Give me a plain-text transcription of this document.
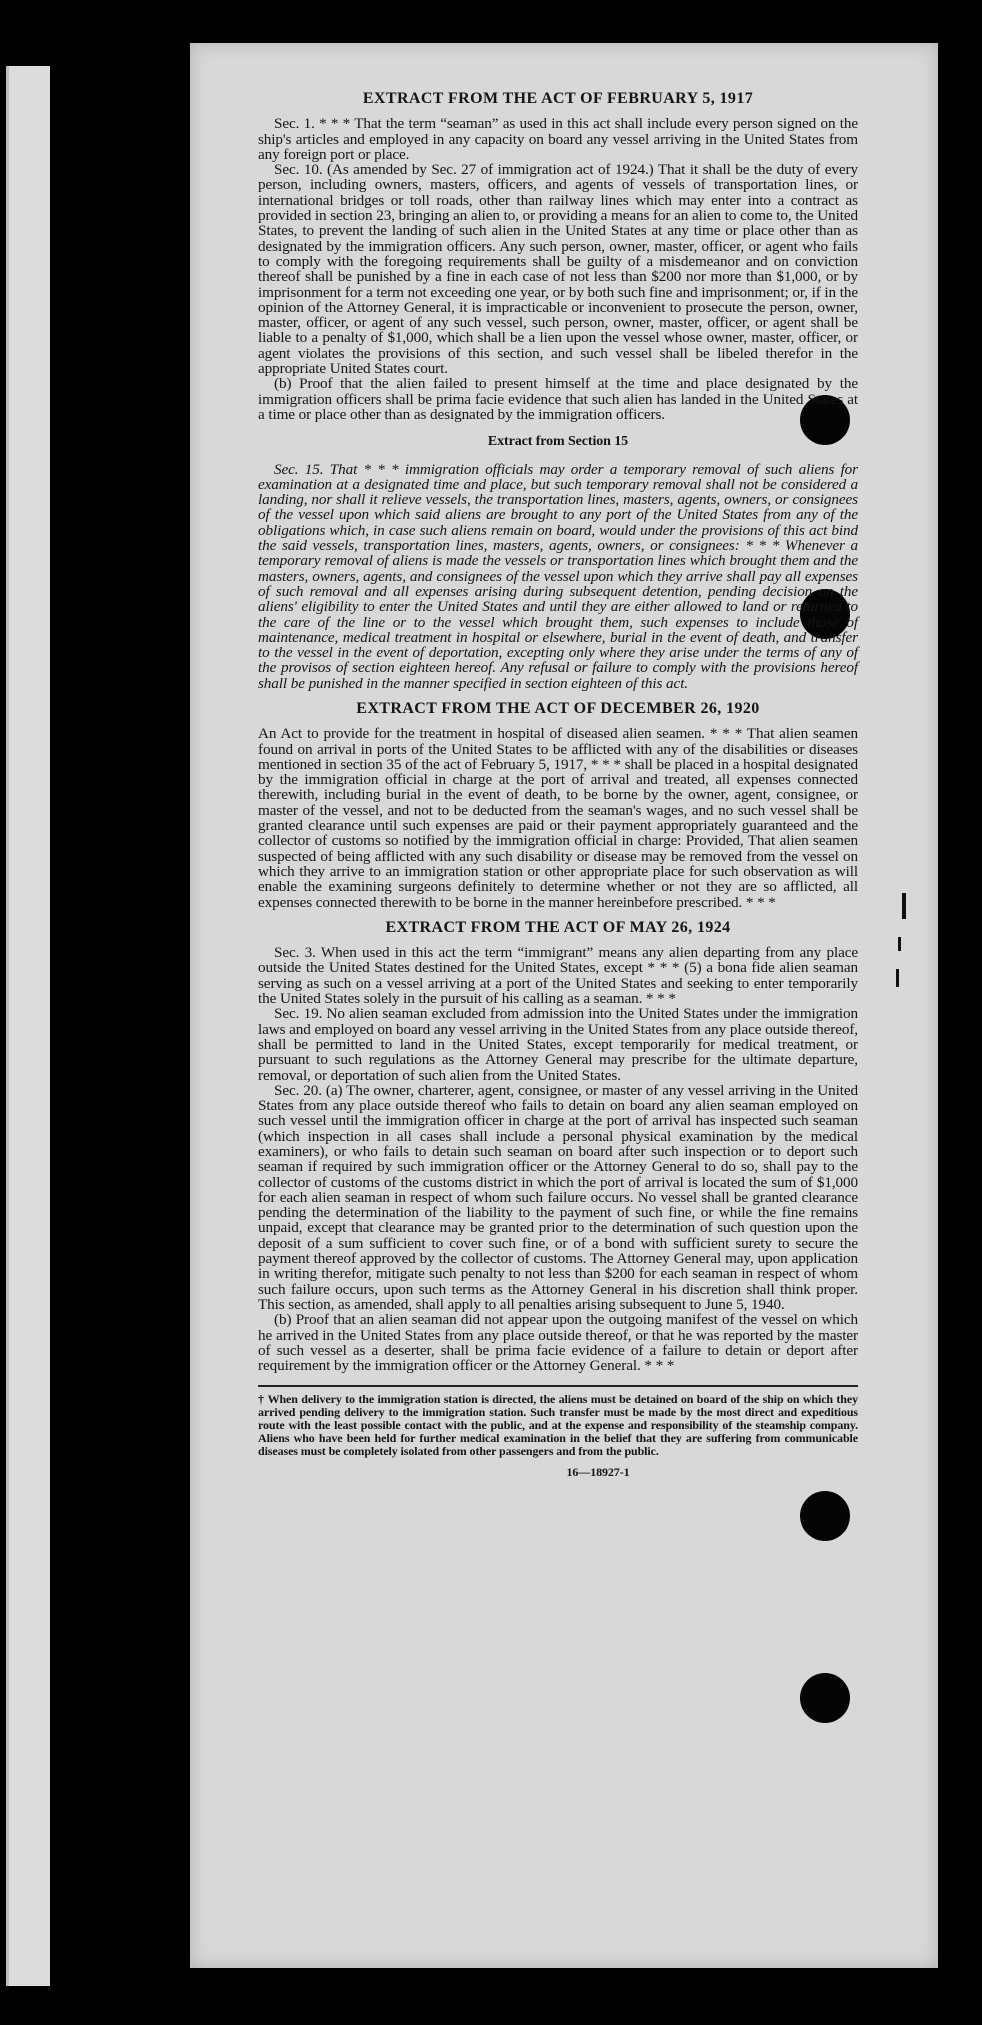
EXTRACT FROM THE ACT OF FEBRUARY 5, 1917

Sec. 1. * * * That the term “seaman” as used in this act shall include every person signed on the ship's articles and employed in any capacity on board any vessel arriving in the United States from any foreign port or place.

Sec. 10. (As amended by Sec. 27 of immigration act of 1924.) That it shall be the duty of every person, including owners, masters, officers, and agents of vessels of transportation lines, or international bridges or toll roads, other than railway lines which may enter into a contract as provided in section 23, bringing an alien to, or providing a means for an alien to come to, the United States, to prevent the landing of such alien in the United States at any time or place other than as designated by the immigration officers. Any such person, owner, master, officer, or agent who fails to comply with the foregoing requirements shall be guilty of a misdemeanor and on conviction thereof shall be punished by a fine in each case of not less than $200 nor more than $1,000, or by imprisonment for a term not exceeding one year, or by both such fine and imprisonment; or, if in the opinion of the Attorney General, it is impracticable or inconvenient to prosecute the person, owner, master, officer, or agent of any such vessel, such person, owner, master, officer, or agent shall be liable to a penalty of $1,000, which shall be a lien upon the vessel whose owner, master, officer, or agent violates the provisions of this section, and such vessel shall be libeled therefor in the appropriate United States court.

(b) Proof that the alien failed to present himself at the time and place designated by the immigration officers shall be prima facie evidence that such alien has landed in the United States at a time or place other than as designated by the immigration officers.

Extract from Section 15

Sec. 15. That * * * immigration officials may order a temporary removal of such aliens for examination at a designated time and place, but such temporary removal shall not be considered a landing, nor shall it relieve vessels, the transportation lines, masters, agents, owners, or consignees of the vessel upon which said aliens are brought to any port of the United States from any of the obligations which, in case such aliens remain on board, would under the provisions of this act bind the said vessels, transportation lines, masters, agents, owners, or consignees: * * * Whenever a temporary removal of aliens is made the vessels or transportation lines which brought them and the masters, owners, agents, and consignees of the vessel upon which they arrive shall pay all expenses of such removal and all expenses arising during subsequent detention, pending decision on the aliens' eligibility to enter the United States and until they are either allowed to land or returned to the care of the line or to the vessel which brought them, such expenses to include those of maintenance, medical treatment in hospital or elsewhere, burial in the event of death, and transfer to the vessel in the event of deportation, excepting only where they arise under the terms of any of the provisos of section eighteen hereof. Any refusal or failure to comply with the provisions hereof shall be punished in the manner specified in section eighteen of this act.

EXTRACT FROM THE ACT OF DECEMBER 26, 1920

An Act to provide for the treatment in hospital of diseased alien seamen. * * * That alien seamen found on arrival in ports of the United States to be afflicted with any of the disabilities or diseases mentioned in section 35 of the act of February 5, 1917, * * * shall be placed in a hospital designated by the immigration official in charge at the port of arrival and treated, all expenses connected therewith, including burial in the event of death, to be borne by the owner, agent, consignee, or master of the vessel, and not to be deducted from the seaman's wages, and no such vessel shall be granted clearance until such expenses are paid or their payment appropriately guaranteed and the collector of customs so notified by the immigration official in charge: Provided, That alien seamen suspected of being afflicted with any such disability or disease may be removed from the vessel on which they arrive to an immigration station or other appropriate place for such observation as will enable the examining surgeons definitely to determine whether or not they are so afflicted, all expenses connected therewith to be borne in the manner hereinbefore prescribed. * * *

EXTRACT FROM THE ACT OF MAY 26, 1924

Sec. 3. When used in this act the term “immigrant” means any alien departing from any place outside the United States destined for the United States, except * * * (5) a bona fide alien seaman serving as such on a vessel arriving at a port of the United States and seeking to enter temporarily the United States solely in the pursuit of his calling as a seaman. * * *

Sec. 19. No alien seaman excluded from admission into the United States under the immigration laws and employed on board any vessel arriving in the United States from any place outside thereof, shall be permitted to land in the United States, except temporarily for medical treatment, or pursuant to such regulations as the Attorney General may prescribe for the ultimate departure, removal, or deportation of such alien from the United States.

Sec. 20. (a) The owner, charterer, agent, consignee, or master of any vessel arriving in the United States from any place outside thereof who fails to detain on board any alien seaman employed on such vessel until the immigration officer in charge at the port of arrival has inspected such seaman (which inspection in all cases shall include a personal physical examination by the medical examiners), or who fails to detain such seaman on board after such inspection or to deport such seaman if required by such immigration officer or the Attorney General to do so, shall pay to the collector of customs of the customs district in which the port of arrival is located the sum of $1,000 for each alien seaman in respect of whom such failure occurs. No vessel shall be granted clearance pending the determination of the liability to the payment of such fine, or while the fine remains unpaid, except that clearance may be granted prior to the determination of such question upon the deposit of a sum sufficient to cover such fine, or of a bond with sufficient surety to secure the payment thereof approved by the collector of customs. The Attorney General may, upon application in writing therefor, mitigate such penalty to not less than $200 for each seaman in respect of whom such failure occurs, upon such terms as the Attorney General in his discretion shall think proper. This section, as amended, shall apply to all penalties arising subsequent to June 5, 1940.

(b) Proof that an alien seaman did not appear upon the outgoing manifest of the vessel on which he arrived in the United States from any place outside thereof, or that he was reported by the master of such vessel as a deserter, shall be prima facie evidence of a failure to detain or deport after requirement by the immigration officer or the Attorney General. * * *

† When delivery to the immigration station is directed, the aliens must be detained on board of the ship on which they arrived pending delivery to the immigration station. Such transfer must be made by the most direct and expeditious route with the least possible contact with the public, and at the expense and responsibility of the steamship company. Aliens who have been held for further medical examination in the belief that they are suffering from communicable diseases must be completely isolated from other passengers and from the public.
16—18927-1
